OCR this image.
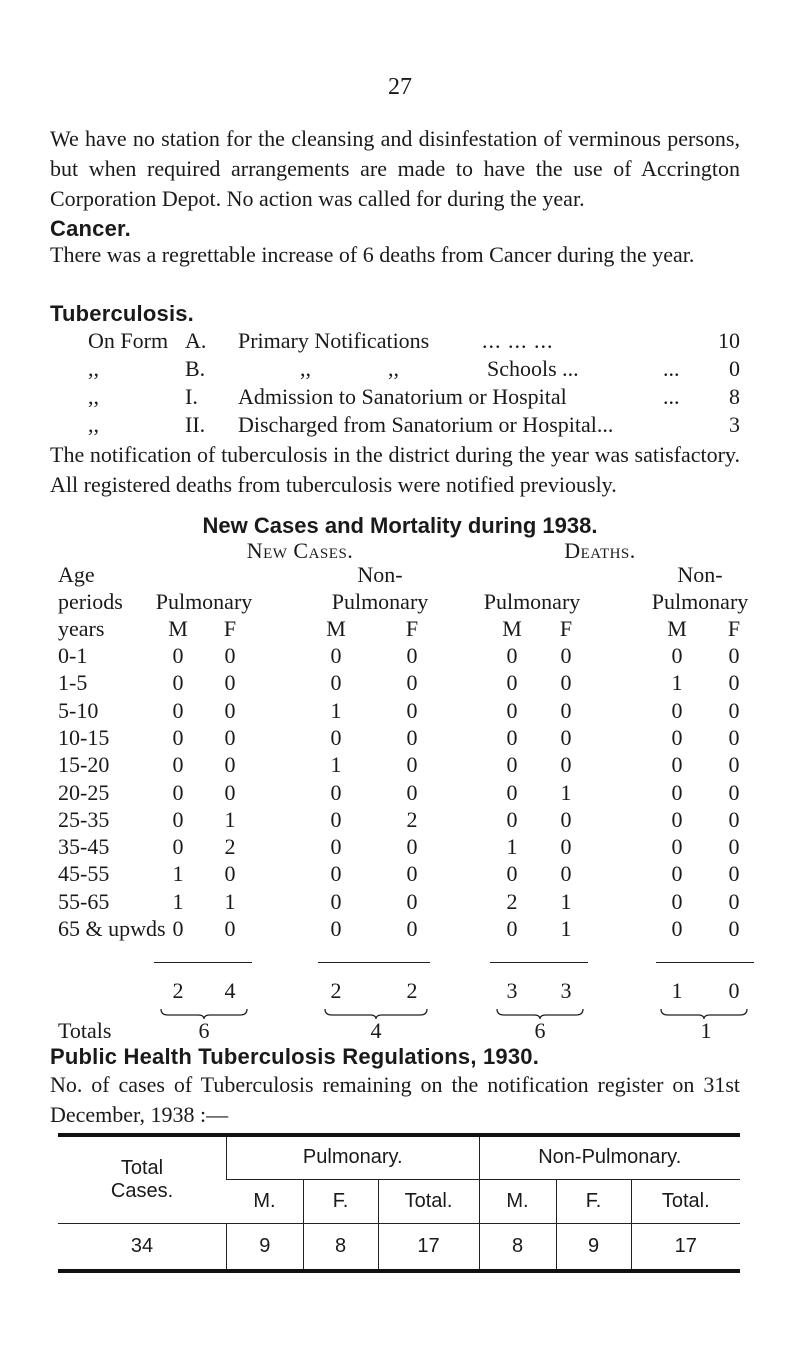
27
We have no station for the cleansing and disinfestation of verminous persons, but when required arrangements are made to have the use of Accrington Corporation Depot. No action was called for during the year.
Cancer.
There was a regrettable increase of 6 deaths from Cancer during the year.
Tuberculosis.
On Form A. Primary Notifications ... ... ...	10
,,	B.	,,              ,,                Schools ...	... 0
,,	I. Admission to Sanatorium or Hospital	... 8
,,	II. Discharged from Sanatorium or Hospital...	3
The notification of tuberculosis in the district during the year was satisfactory. All registered deaths from tuberculosis were notified previously.
New Cases and Mortality during 1938.
New Cases.	Deaths.
Age
periods
years
Non-	Non-
Pulmonary	Pulmonary	Pulmonary	Pulmonary
M F	M	F	M F	M F
0-1	0 0	0	0	0 0	0 0
1-5	0 0	0	0	0 0	1 0
5-10	0 0	1	0	0 0	0 0
10-15	0 0	0	0	0 0	0 0
15-20	0 0	1	0	0 0	0 0
20-25	0 0	0	0	0 1	0 0
25-35	0 1	0	2	0 0	0 0
35-45	0 2	0	0	1 0	0 0
45-55	1 0	0	0	0 0	0 0
55-65	1 1	0	0	2 1	0 0
65 & upwds 0 0	0	0	0 1	0 0
2 4	2	2	3 3	1 0
Totals	6	4	6	1
Public Health Tuberculosis Regulations, 1930.
No. of cases of Tuberculosis remaining on the notification register on 31st December, 1938 :—
Total
Cases.	Pulmonary.			Non-Pulmonary.		
	M.	F.	Total.	M.	F.	Total.
34	9	8	17	8	9	17
